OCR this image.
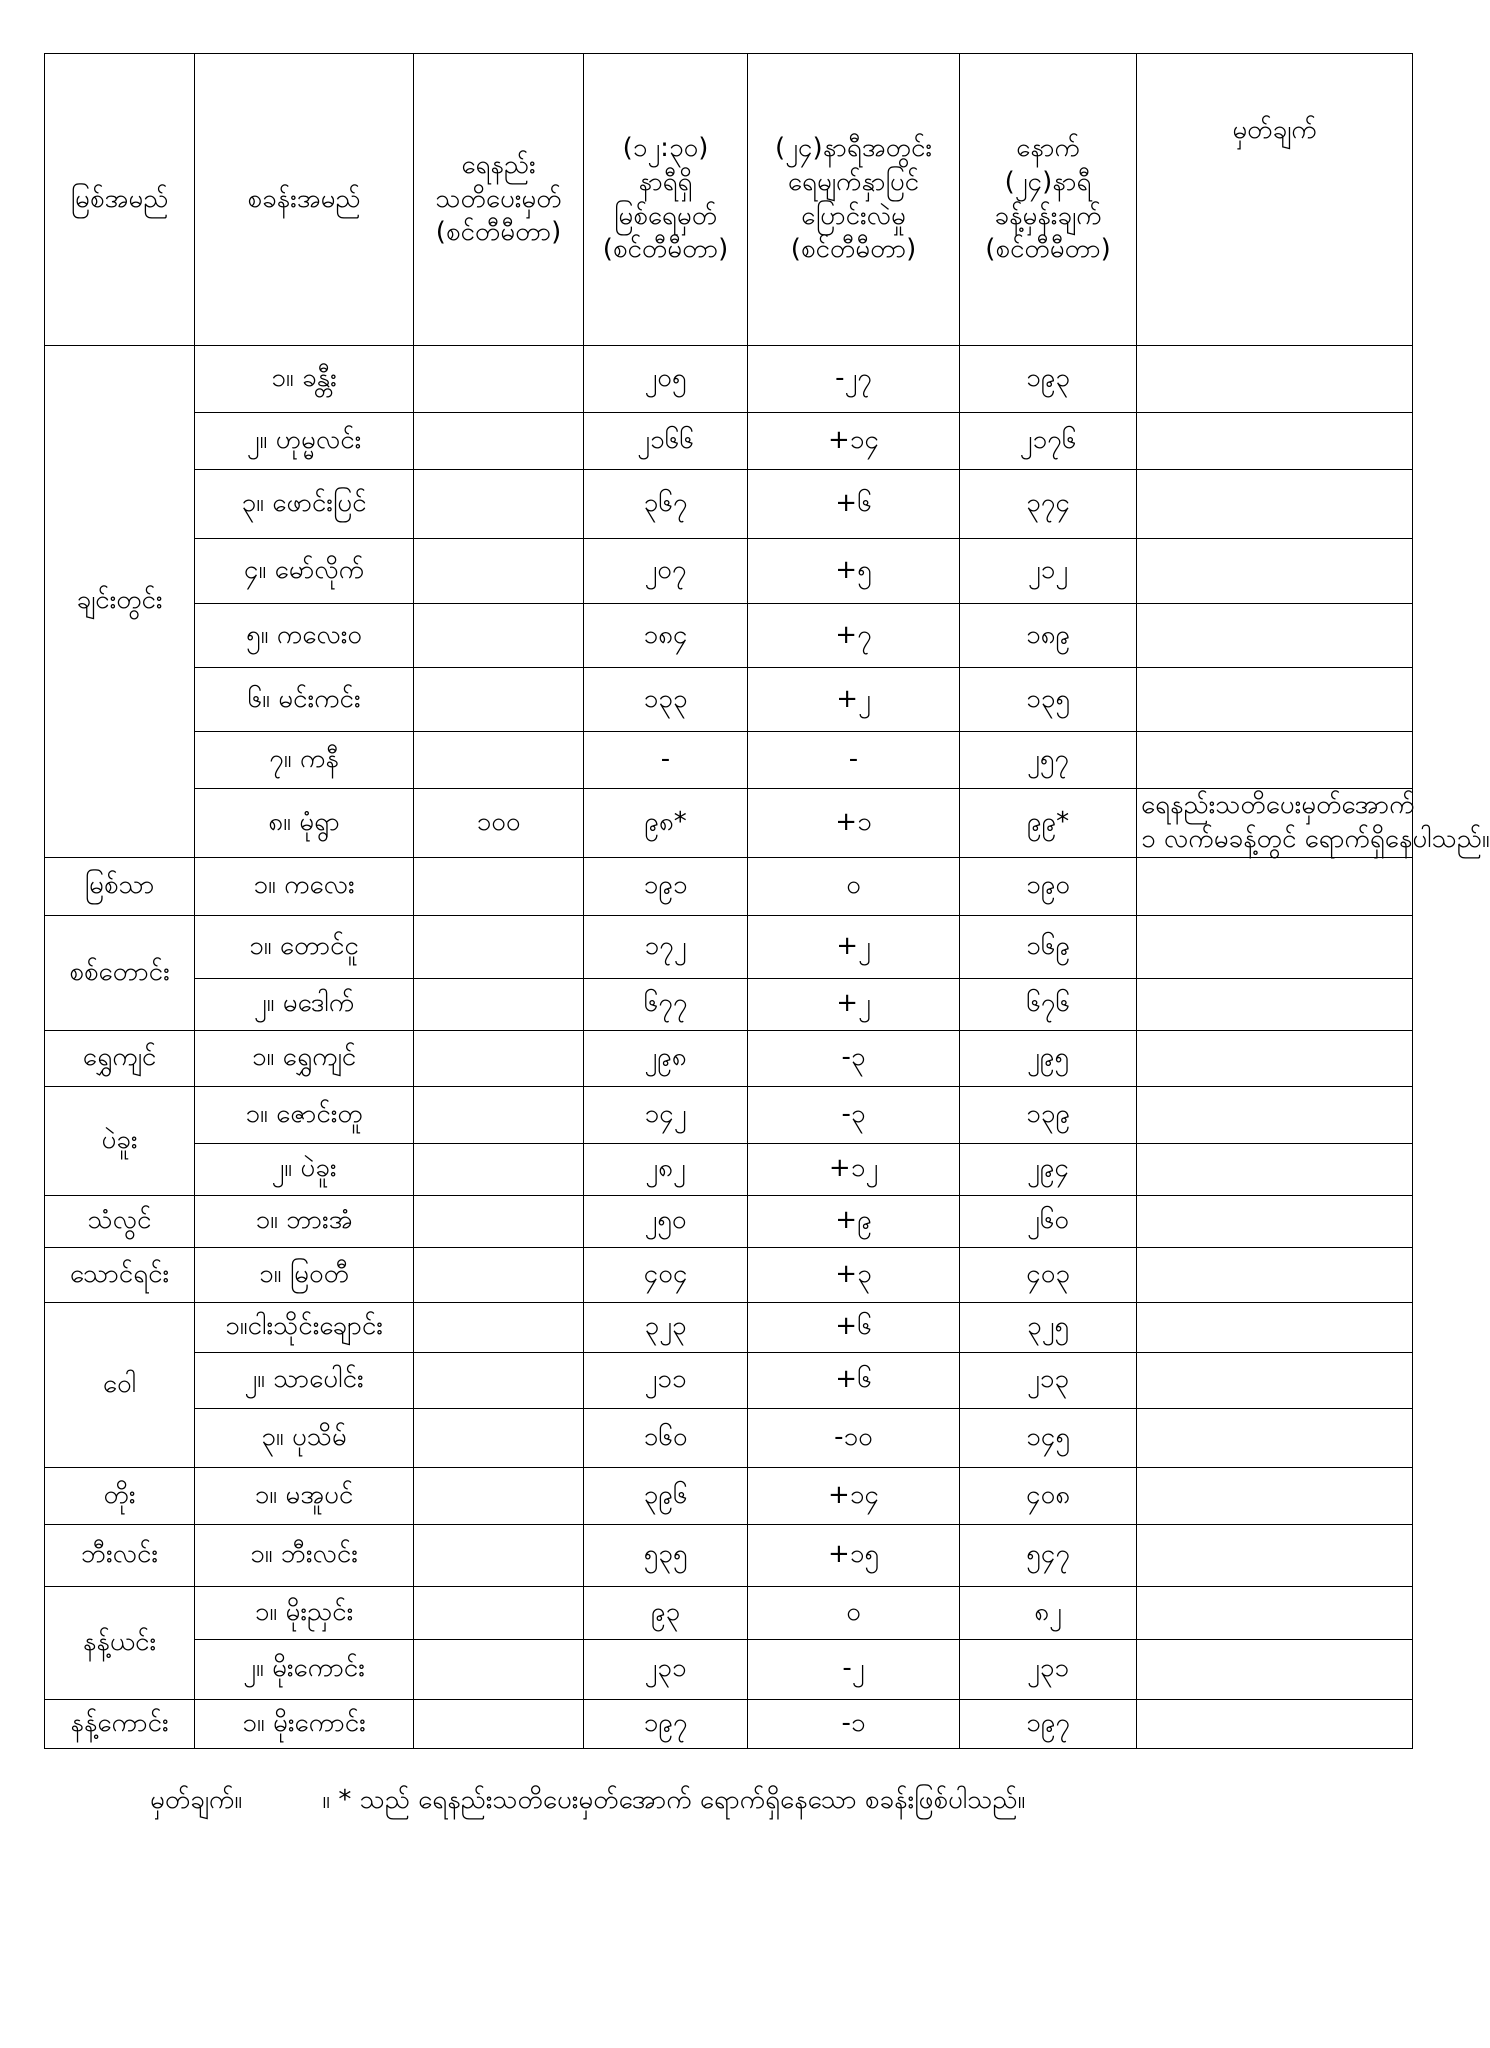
မြစ်အမည်	စခန်းအမည်	ရေနည်း
သတိပေးမှတ်
(စင်တီမီတာ)	(၁၂:၃၀)
နာရီရှိ
မြစ်ရေမှတ်
(စင်တီမီတာ)	(၂၄)နာရီအတွင်း
ရေမျက်နှာပြင်
ပြောင်းလဲမှု
(စင်တီမီတာ)	နောက်
(၂၄)နာရီ
ခန့်မှန်းချက်
(စင်တီမီတာ)	မှတ်ချက်

ချင်းတွင်း	၁။ ခန္တီး		၂၀၅	-၂၇	၁၉၃	
	၂။ ဟုမ္မလင်း		၂၁၆၆	+၁၄	၂၁၇၆	
	၃။ ဖောင်းပြင်		၃၆၇	+၆	၃၇၄	
	၄။ မော်လိုက်		၂၀၇	+၅	၂၁၂	
	၅။ ကလေးဝ		၁၈၄	+၇	၁၈၉	
	၆။ မင်းကင်း		၁၃၃	+၂	၁၃၅	
	၇။ ကနီ		-	-	၂၅၇	
	၈။ မုံရွာ	၁၀၀	၉၈*	+၁	၉၉*	ရေနည်းသတိပေးမှတ်အောက်
၁ လက်မခန့်တွင် ရောက်ရှိနေပါသည်။

မြစ်သာ	၁။ ကလေး		၁၉၁	၀	၁၉၀	
စစ်တောင်း	၁။ တောင်ငူ		၁၇၂	+၂	၁၆၉	
	၂။ မဒေါက်		၆၇၇	+၂	၆၇၆	
ရွှေကျင်	၁။ ရွှေကျင်		၂၉၈	-၃	၂၉၅	
ပဲခူး	၁။ ဇောင်းတူ		၁၄၂	-၃	၁၃၉	
	၂။ ပဲခူး		၂၈၂	+၁၂	၂၉၄	
သံလွင်	၁။ ဘားအံ		၂၅၀	+၉	၂၆၀	
သောင်ရင်း	၁။ မြဝတီ		၄၀၄	+၃	၄၀၃	
ဝေါ	၁။ငါးသိုင်းချောင်း		၃၂၃	+၆	၃၂၅	
	၂။ သာပေါင်း		၂၁၁	+၆	၂၁၃	
	၃။ ပုသိမ်		၁၆၀	-၁၀	၁၄၅	
တိုး	၁။ မအူပင်		၃၉၆	+၁၄	၄၀၈	
ဘီးလင်း	၁။ ဘီးလင်း		၅၃၅	+၁၅	၅၄၇	
နန့်ယင်း	၁။ မိုးညှင်း		၉၃	၀	၈၂	
	၂။ မိုးကောင်း		၂၃၁	-၂	၂၃၁	
နန့်ကောင်း	၁။ မိုးကောင်း		၁၉၇	-၁	၁၉၇	
မှတ်ချက်။	။ * သည် ရေနည်းသတိပေးမှတ်အောက် ရောက်ရှိနေသော စခန်းဖြစ်ပါသည်။
